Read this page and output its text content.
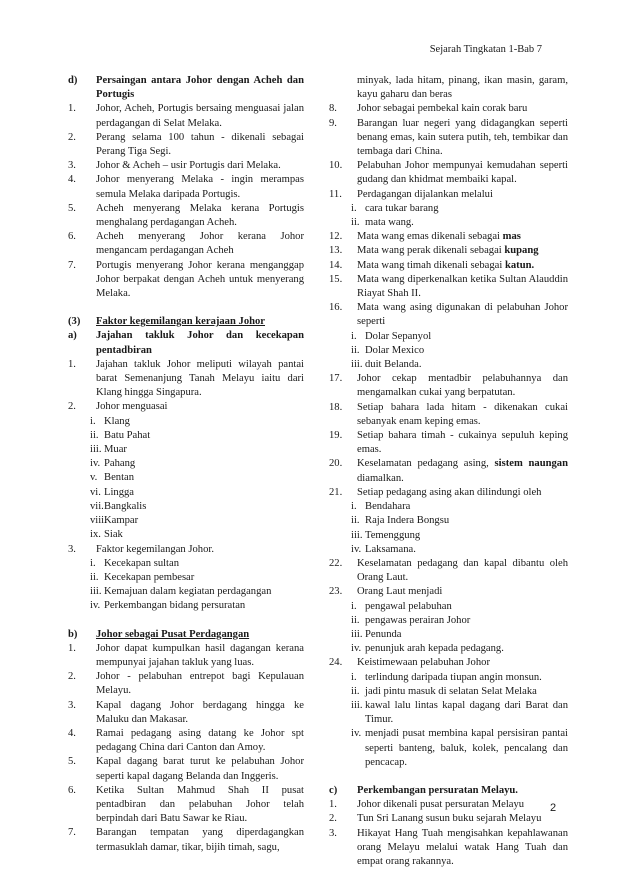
Sejarah Tingkatan 1-Bab 7

d) Persaingan antara Johor dengan Acheh dan Portugis

1. Johor, Acheh, Portugis bersaing menguasai jalan perdagangan di Selat Melaka.

2. Perang selama 100 tahun - dikenali sebagai Perang Tiga Segi.

3. Johor & Acheh – usir Portugis dari Melaka.

4. Johor menyerang Melaka - ingin merampas semula Melaka daripada Portugis.

5. Acheh menyerang Melaka kerana Portugis menghalang perdagangan Acheh.

6. Acheh menyerang Johor kerana Johor mengancam perdagangan Acheh

7. Portugis menyerang Johor kerana menganggap Johor berpakat dengan Acheh untuk menyerang Melaka.

(3) Faktor kegemilangan kerajaan Johor

a) Jajahan takluk Johor dan kecekapan pentadbiran

1. Jajahan takluk Johor meliputi wilayah pantai barat Semenanjung Tanah Melayu iaitu dari Klang hingga Singapura.

2. Johor menguasai

i. Klang

ii. Batu Pahat

iii. Muar

iv. Pahang

v. Bentan

vi. Lingga

vii. Bangkalis

viii.
Kampar

ix. Siak

3. Faktor kegemilangan Johor.

i. Kecekapan sultan

ii. Kecekapan pembesar

iii. Kemajuan dalam kegiatan perdagangan

iv. Perkembangan bidang persuratan

b) Johor sebagai Pusat Perdagangan

1. Johor dapat kumpulkan hasil dagangan kerana mempunyai jajahan takluk yang luas.

2. Johor - pelabuhan entrepot bagi Kepulauan Melayu.

3. Kapal dagang Johor berdagang hingga ke Maluku dan Makasar.

4. Ramai pedagang asing datang ke Johor spt pedagang China dari Canton dan Amoy.

5. Kapal dagang barat turut ke pelabuhan Johor seperti kapal dagang Belanda dan Inggeris.

6. Ketika Sultan Mahmud Shah II pusat pentadbiran dan pelabuhan Johor telah berpindah dari Batu Sawar ke Riau.

7. Barangan tempatan yang diperdagangkan termasuklah damar, tikar, bijih timah, sagu,

minyak, lada hitam, pinang, ikan masin, garam, kayu gaharu dan beras

8. Johor sebagai pembekal kain corak baru

9. Barangan luar negeri yang didagangkan seperti benang emas, kain sutera putih, teh, tembikar dan tembaga dari China.

10. Pelabuhan Johor mempunyai kemudahan seperti gudang dan khidmat membaiki kapal.

11. Perdagangan dijalankan melalui

i. cara tukar barang

ii. mata wang.

12. Mata wang emas dikenali sebagai mas

13. Mata wang perak dikenali sebagai kupang

14. Mata wang timah dikenali sebagai katun.

15. Mata wang diperkenalkan ketika Sultan Alauddin Riayat Shah II.

16. Mata wang asing digunakan di pelabuhan Johor seperti

i. Dolar Sepanyol

ii. Dolar Mexico

iii. duit Belanda.

17. Johor cekap mentadbir pelabuhannya dan mengamalkan cukai yang berpatutan.

18. Setiap bahara lada hitam - dikenakan cukai sebanyak enam keping emas.

19. Setiap bahara timah - cukainya sepuluh keping emas.

20. Keselamatan pedagang asing, sistem naungan diamalkan.

21. Setiap pedagang asing akan dilindungi oleh

i. Bendahara

ii. Raja Indera Bongsu

iii. Temenggung

iv. Laksamana.

22. Keselamatan pedagang dan kapal dibantu oleh Orang Laut.

23. Orang Laut menjadi

i. pengawal pelabuhan

ii. pengawas perairan Johor

iii. Penunda

iv. penunjuk arah kepada pedagang.

24. Keistimewaan pelabuhan Johor

i. terlindung daripada tiupan angin monsun.

ii. jadi pintu masuk di selatan Selat Melaka

iii. kawal lalu lintas kapal dagang dari Barat dan Timur.

iv. menjadi pusat membina kapal persisiran pantai seperti banteng, baluk, kolek, pencalang dan pencacap.

c) Perkembangan persuratan Melayu.

1. Johor dikenali pusat persuratan Melayu

2. Tun Sri Lanang susun buku sejarah Melayu

3. Hikayat Hang Tuah mengisahkan kepahlawanan orang Melayu melalui watak Hang Tuah dan empat orang rakannya.

2
